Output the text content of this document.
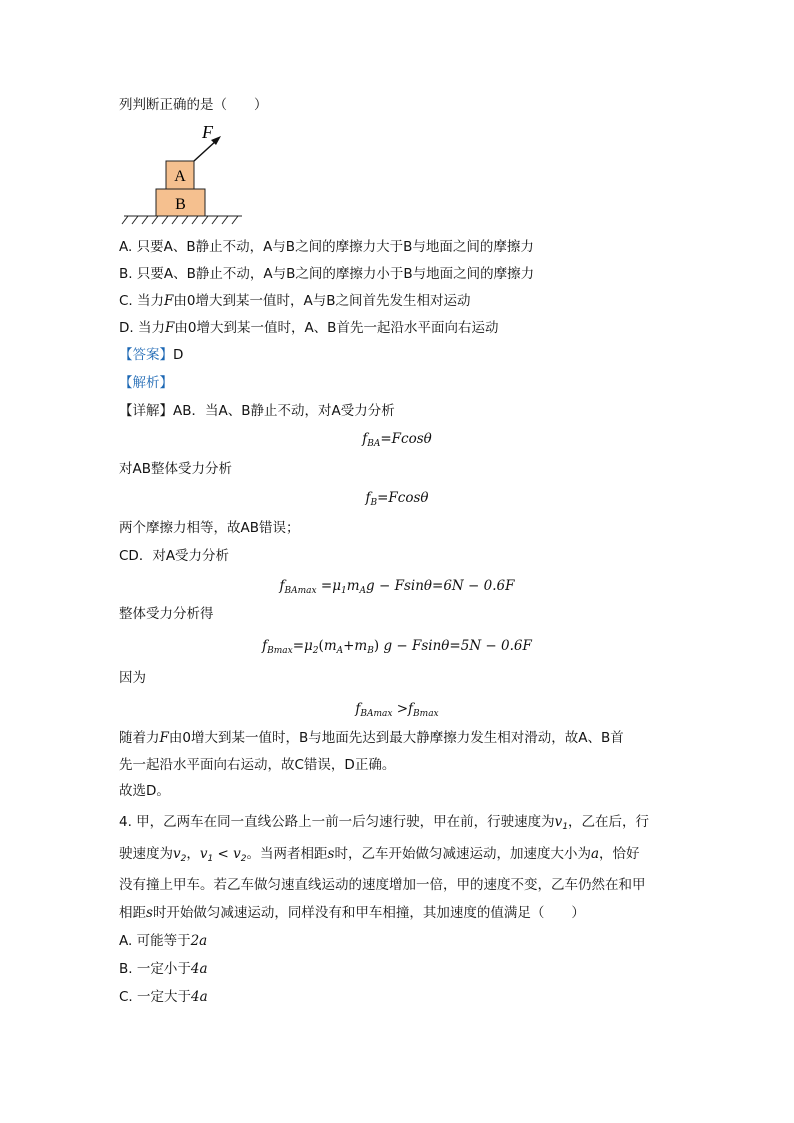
列判断正确的是（　　）
B
A
F
A. 只要A、B静止不动，A与B之间的摩擦力大于B与地面之间的摩擦力
B. 只要A、B静止不动，A与B之间的摩擦力小于B与地面之间的摩擦力
C. 当力F由0增大到某一值时，A与B之间首先发生相对运动
D. 当力F由0增大到某一值时，A、B首先一起沿水平面向右运动
【答案】D
【解析】
【详解】AB．当A、B静止不动，对A受力分析
$f_{BA}=Fcos\theta$
对AB整体受力分析
$f_B=Fcos\theta$
两个摩擦力相等，故AB错误；
CD．对A受力分析
$f_{BAmax} =\mu_1m_Ag - Fsin\theta=6N - 0.6F$
整体受力分析得
$f_{Bmax}=\mu_2(m_A+m_B) g - Fsin\theta=5N - 0.6F$
因为
$f_{BAmax} >f_{Bmax}$
随着力F由0增大到某一值时，B与地面先达到最大静摩擦力发生相对滑动，故A、B首
先一起沿水平面向右运动，故C错误，D正确。
故选D。
4. 甲，乙两车在同一直线公路上一前一后匀速行驶，甲在前，行驶速度为$v_1$，乙在后，行
驶速度为$v_2$，$v_1 < v_2$。当两者相距s时，乙车开始做匀减速运动，加速度大小为a，恰好
没有撞上甲车。若乙车做匀速直线运动的速度增加一倍，甲的速度不变，乙车仍然在和甲
相距s时开始做匀减速运动，同样没有和甲车相撞，其加速度的值满足（　　）
A. 可能等于2a
B. 一定小于4a
C. 一定大于4a
